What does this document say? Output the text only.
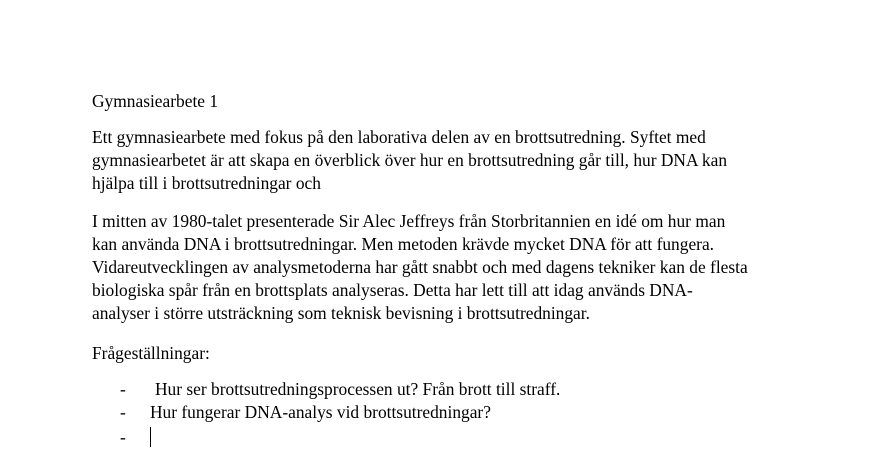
Gymnasiearbete 1
Ett gymnasiearbete med fokus på den laborativa delen av en brottsutredning. Syftet med
gymnasiearbetet är att skapa en överblick över hur en brottsutredning går till, hur DNA kan
hjälpa till i brottsutredningar och
I mitten av 1980-talet presenterade Sir Alec Jeffreys från Storbritannien en idé om hur man
kan använda DNA i brottsutredningar. Men metoden krävde mycket DNA för att fungera.
Vidareutvecklingen av analysmetoderna har gått snabbt och med dagens tekniker kan de flesta
biologiska spår från en brottsplats analyseras. Detta har lett till att idag används DNA-
analyser i större utsträckning som teknisk bevisning i brottsutredningar.
Frågeställningar:
- Hur ser brottsutredningsprocessen ut? Från brott till straff.
- Hur fungerar DNA-analys vid brottsutredningar?
-
